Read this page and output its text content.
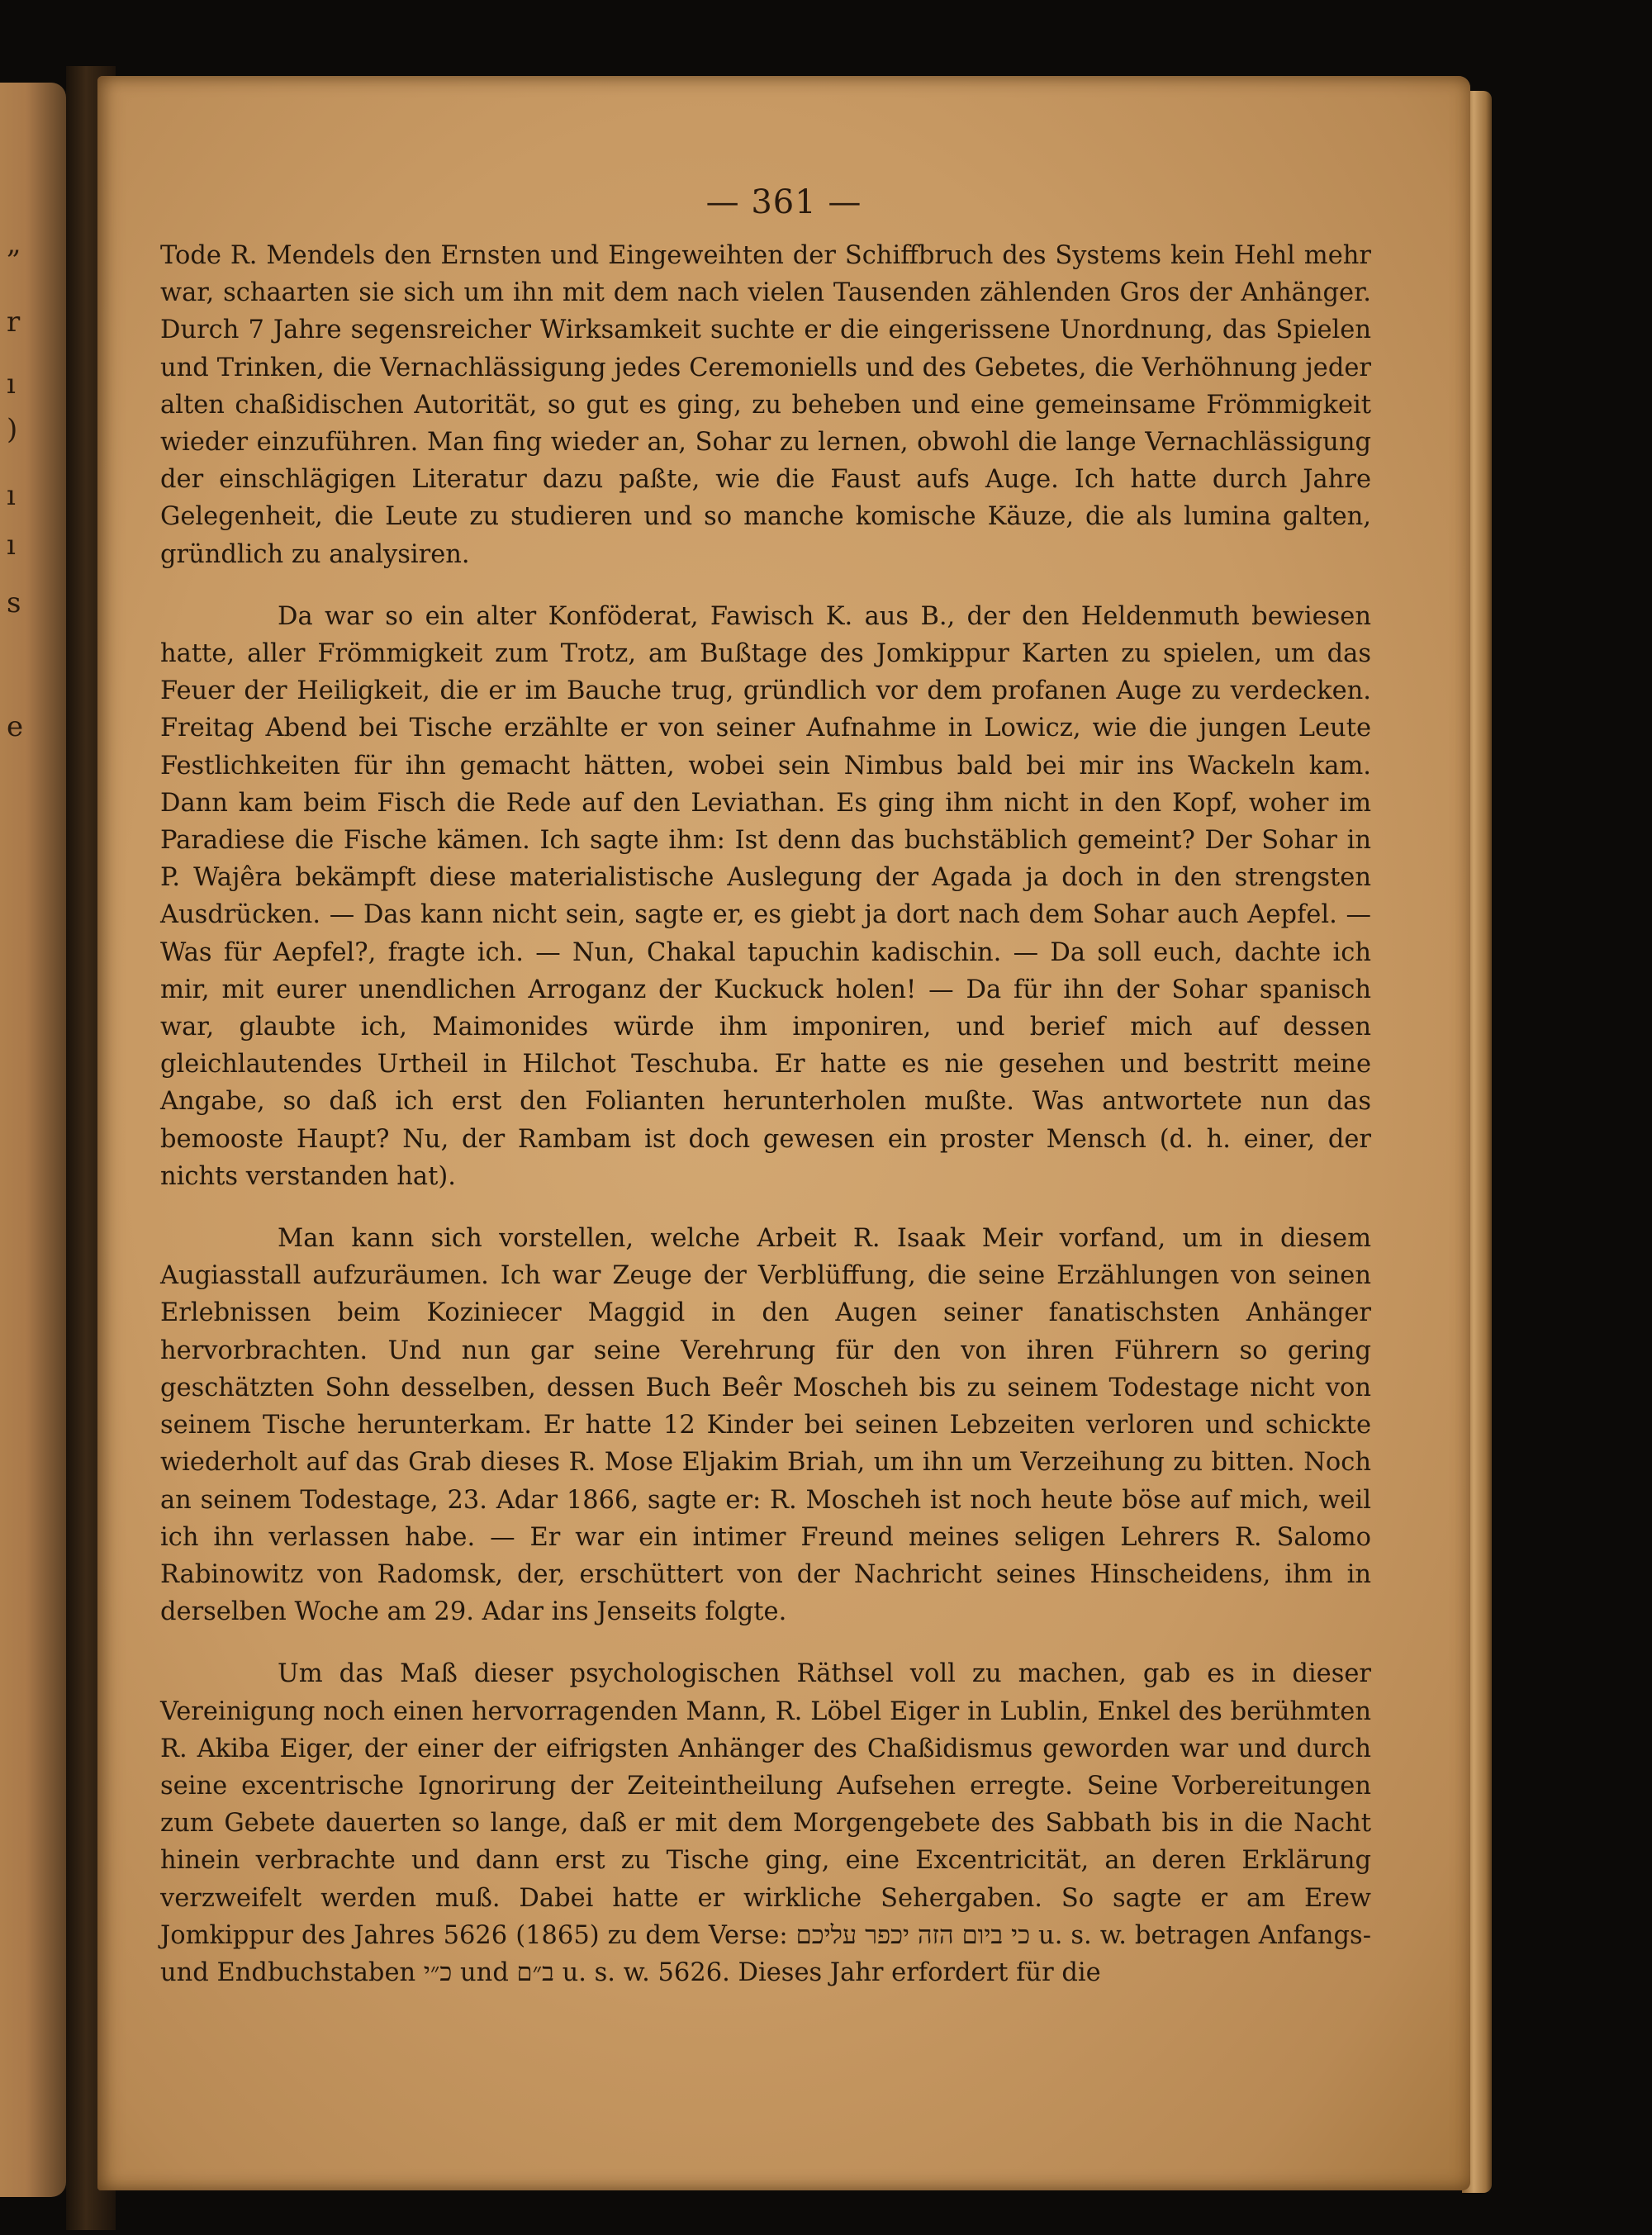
„
r
ı
)
ı
ı
s
e
— 361 —

Tode R. Mendels den Ernsten und Eingeweihten der Schiffbruch des Systems kein Hehl mehr war, schaarten sie sich um ihn mit dem nach vielen Tausenden zählenden Gros der Anhänger. Durch 7 Jahre segensreicher Wirksamkeit suchte er die eingerissene Unordnung, das Spielen und Trinken, die Vernachlässigung jedes Ceremoniells und des Gebetes, die Verhöhnung jeder alten chaßidischen Autorität, so gut es ging, zu beheben und eine gemeinsame Frömmigkeit wieder einzuführen. Man fing wieder an, Sohar zu lernen, obwohl die lange Vernachlässigung der einschlägigen Literatur dazu paßte, wie die Faust aufs Auge. Ich hatte durch Jahre Gelegenheit, die Leute zu studieren und so manche komische Käuze, die als lumina galten, gründlich zu analysiren.

Da war so ein alter Konföderat, Fawisch K. aus B., der den Heldenmuth bewiesen hatte, aller Frömmigkeit zum Trotz, am Bußtage des Jomkippur Karten zu spielen, um das Feuer der Heiligkeit, die er im Bauche trug, gründlich vor dem profanen Auge zu verdecken. Freitag Abend bei Tische erzählte er von seiner Aufnahme in Lowicz, wie die jungen Leute Festlichkeiten für ihn gemacht hätten, wobei sein Nimbus bald bei mir ins Wackeln kam. Dann kam beim Fisch die Rede auf den Leviathan. Es ging ihm nicht in den Kopf, woher im Paradiese die Fische kämen. Ich sagte ihm: Ist denn das buchstäblich gemeint? Der Sohar in P. Wajêra bekämpft diese materialistische Auslegung der Agada ja doch in den strengsten Ausdrücken. — Das kann nicht sein, sagte er, es giebt ja dort nach dem Sohar auch Aepfel. — Was für Aepfel?, fragte ich. — Nun, Chakal tapuchin kadischin. — Da soll euch, dachte ich mir, mit eurer unendlichen Arroganz der Kuckuck holen! — Da für ihn der Sohar spanisch war, glaubte ich, Maimonides würde ihm imponiren, und berief mich auf dessen gleichlautendes Urtheil in Hilchot Teschuba. Er hatte es nie gesehen und bestritt meine Angabe, so daß ich erst den Folianten herunterholen mußte. Was antwortete nun das bemooste Haupt? Nu, der Rambam ist doch gewesen ein proster Mensch (d. h. einer, der nichts verstanden hat).

Man kann sich vorstellen, welche Arbeit R. Isaak Meir vorfand, um in diesem Augiasstall aufzuräumen. Ich war Zeuge der Verblüffung, die seine Erzählungen von seinen Erlebnissen beim Koziniecer Maggid in den Augen seiner fanatischsten Anhänger hervorbrachten. Und nun gar seine Verehrung für den von ihren Führern so gering geschätzten Sohn desselben, dessen Buch Beêr Moscheh bis zu seinem Todestage nicht von seinem Tische herunterkam. Er hatte 12 Kinder bei seinen Lebzeiten verloren und schickte wiederholt auf das Grab dieses R. Mose Eljakim Briah, um ihn um Verzeihung zu bitten. Noch an seinem Todestage, 23. Adar 1866, sagte er: R. Moscheh ist noch heute böse auf mich, weil ich ihn verlassen habe. — Er war ein intimer Freund meines seligen Lehrers R. Salomo Rabinowitz von Radomsk, der, erschüttert von der Nachricht seines Hinscheidens, ihm in derselben Woche am 29. Adar ins Jenseits folgte.

Um das Maß dieser psychologischen Räthsel voll zu machen, gab es in dieser Vereinigung noch einen hervorragenden Mann, R. Löbel Eiger in Lublin, Enkel des berühmten R. Akiba Eiger, der einer der eifrigsten Anhänger des Chaßidismus geworden war und durch seine excentrische Ignorirung der Zeiteintheilung Aufsehen erregte. Seine Vorbereitungen zum Gebete dauerten so lange, daß er mit dem Morgengebete des Sabbath bis in die Nacht hinein verbrachte und dann erst zu Tische ging, eine Excentricität, an deren Erklärung verzweifelt werden muß. Dabei hatte er wirkliche Sehergaben. So sagte er am Erew Jomkippur des Jahres 5626 (1865) zu dem Verse: כי ביום הזה יכפר עליכם u. s. w. betragen Anfangs- und Endbuchstaben כ״י und ב״ם u. s. w. 5626. Dieses Jahr erfordert für die
